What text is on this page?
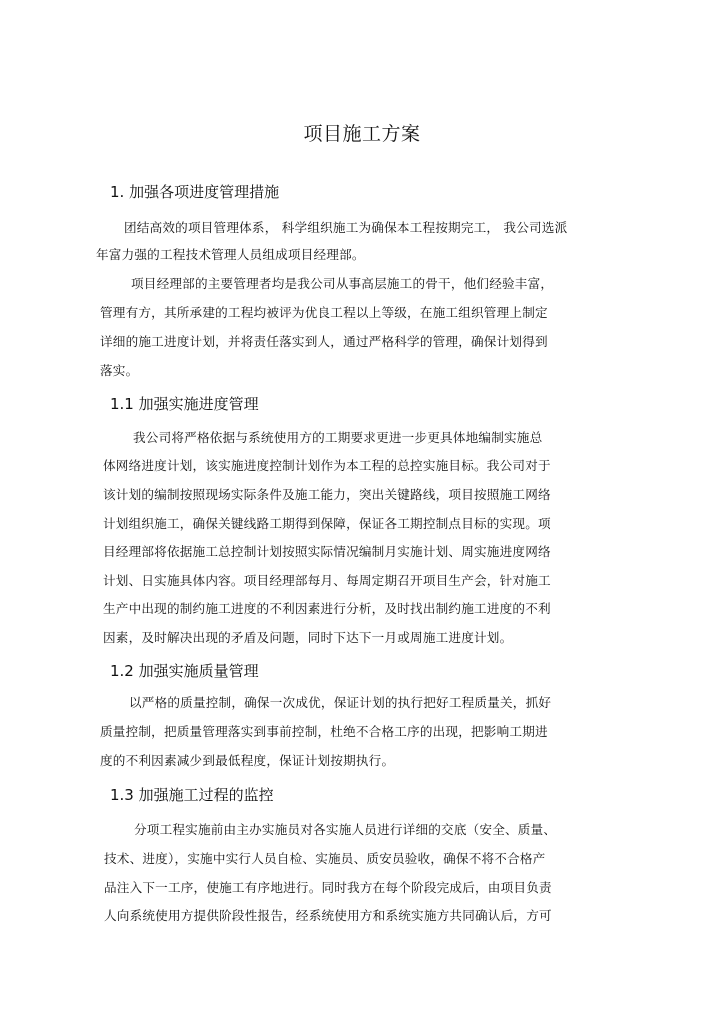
项目施工方案
1. 加强各项进度管理措施
团结高效的项目管理体系， 科学组织施工为确保本工程按期完工， 我公司选派
年富力强的工程技术管理人员组成项目经理部。
项目经理部的主要管理者均是我公司从事高层施工的骨干，他们经验丰富，
管理有方，其所承建的工程均被评为优良工程以上等级，在施工组织管理上制定
详细的施工进度计划，并将责任落实到人，通过严格科学的管理，确保计划得到
落实。
1.1 加强实施进度管理
我公司将严格依据与系统使用方的工期要求更进一步更具体地编制实施总
体网络进度计划，该实施进度控制计划作为本工程的总控实施目标。我公司对于
该计划的编制按照现场实际条件及施工能力，突出关键路线，项目按照施工网络
计划组织施工，确保关键线路工期得到保障，保证各工期控制点目标的实现。项
目经理部将依据施工总控制计划按照实际情况编制月实施计划、周实施进度网络
计划、日实施具体内容。项目经理部每月、每周定期召开项目生产会，针对施工
生产中出现的制约施工进度的不利因素进行分析，及时找出制约施工进度的不利
因素，及时解决出现的矛盾及问题，同时下达下一月或周施工进度计划。
1.2 加强实施质量管理
以严格的质量控制，确保一次成优，保证计划的执行把好工程质量关，抓好
质量控制，把质量管理落实到事前控制，杜绝不合格工序的出现，把影响工期进
度的不利因素减少到最低程度，保证计划按期执行。
1.3 加强施工过程的监控
分项工程实施前由主办实施员对各实施人员进行详细的交底（安全、质量、
技术、进度），实施中实行人员自检、实施员、质安员验收，确保不将不合格产
品注入下一工序，使施工有序地进行。同时我方在每个阶段完成后，由项目负责
人向系统使用方提供阶段性报告，经系统使用方和系统实施方共同确认后，方可
